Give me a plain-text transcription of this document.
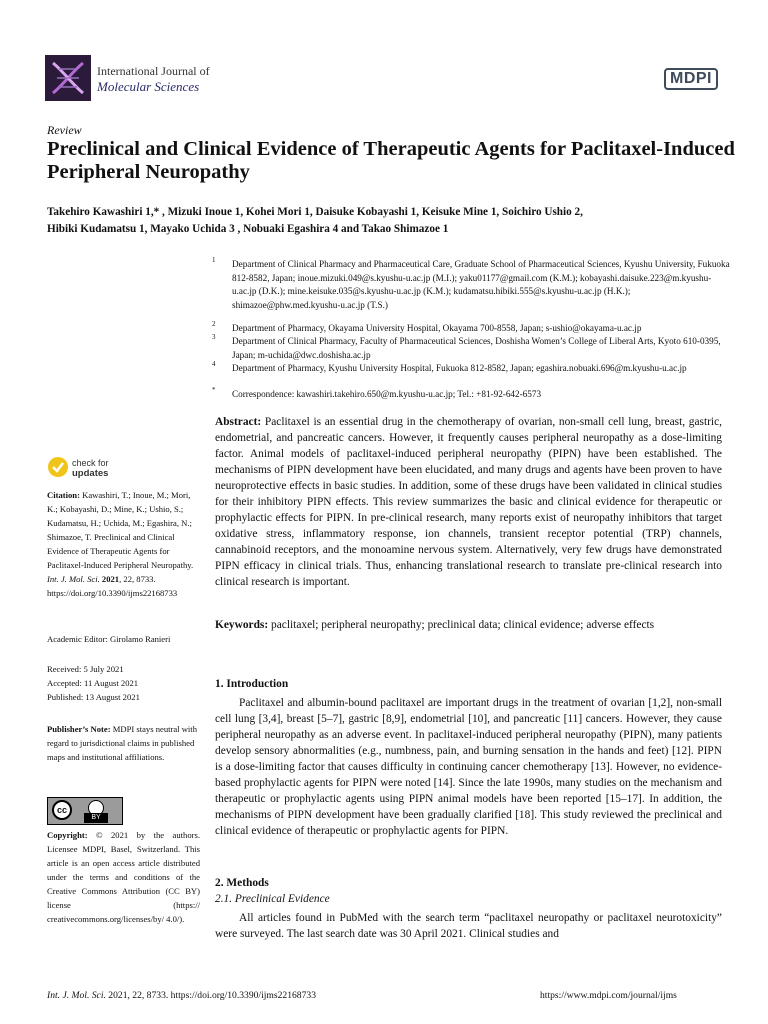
International Journal of
Molecular Sciences	MDPI
Review
Preclinical and Clinical Evidence of Therapeutic Agents for Paclitaxel-Induced Peripheral Neuropathy
Takehiro Kawashiri 1,* , Mizuki Inoue 1, Kohei Mori 1, Daisuke Kobayashi 1, Keisuke Mine 1, Soichiro Ushio 2,
Hibiki Kudamatsu 1, Mayako Uchida 3 , Nobuaki Egashira 4 and Takao Shimazoe 1
1 Department of Clinical Pharmacy and Pharmaceutical Care, Graduate School of Pharmaceutical Sciences, Kyushu University, Fukuoka 812-8582, Japan; inoue.mizuki.049@s.kyushu-u.ac.jp (M.I.); yaku01177@gmail.com (K.M.); kobayashi.daisuke.223@m.kyushu-u.ac.jp (D.K.); mine.keisuke.035@s.kyushu-u.ac.jp (K.M.); kudamatsu.hibiki.555@s.kyushu-u.ac.jp (H.K.); shimazoe@phw.med.kyushu-u.ac.jp (T.S.)
2 Department of Pharmacy, Okayama University Hospital, Okayama 700-8558, Japan; s-ushio@okayama-u.ac.jp
3 Department of Clinical Pharmacy, Faculty of Pharmaceutical Sciences, Doshisha Women’s College of Liberal Arts, Kyoto 610-0395, Japan; m-uchida@dwc.doshisha.ac.jp
4 Department of Pharmacy, Kyushu University Hospital, Fukuoka 812-8582, Japan; egashira.nobuaki.696@m.kyushu-u.ac.jp
* Correspondence: kawashiri.takehiro.650@m.kyushu-u.ac.jp; Tel.: +81-92-642-6573
Abstract: Paclitaxel is an essential drug in the chemotherapy of ovarian, non-small cell lung, breast, gastric, endometrial, and pancreatic cancers. However, it frequently causes peripheral neuropathy as a dose-limiting factor. Animal models of paclitaxel-induced peripheral neuropathy (PIPN) have been established. The mechanisms of PIPN development have been elucidated, and many drugs and agents have been proven to have neuroprotective effects in basic studies. In addition, some of these drugs have been validated in clinical studies for their inhibitory PIPN effects. This review summarizes the basic and clinical evidence for therapeutic or prophylactic effects for PIPN. In pre-clinical research, many reports exist of neuropathy inhibitors that target oxidative stress, inflammatory response, ion channels, transient receptor potential (TRP) channels, cannabinoid receptors, and the monoamine nervous system. Alternatively, very few drugs have demonstrated PIPN efficacy in clinical trials. Thus, enhancing translational research to translate pre-clinical research into clinical research is important.
Keywords: paclitaxel; peripheral neuropathy; preclinical data; clinical evidence; adverse effects
check for
updates
Citation: Kawashiri, T.; Inoue, M.; Mori, K.; Kobayashi, D.; Mine, K.; Ushio, S.; Kudamatsu, H.; Uchida, M.; Egashira, N.; Shimazoe, T. Preclinical and Clinical Evidence of Therapeutic Agents for Paclitaxel-Induced Peripheral Neuropathy. Int. J. Mol. Sci. 2021, 22, 8733. https://doi.org/10.3390/ijms22168733
Academic Editor: Girolamo Ranieri
Received: 5 July 2021
Accepted: 11 August 2021
Published: 13 August 2021
Publisher’s Note: MDPI stays neutral with regard to jurisdictional claims in published maps and institutional affiliations.
cc
BY
Copyright: © 2021 by the authors. Licensee MDPI, Basel, Switzerland. This article is an open access article distributed under the terms and conditions of the Creative Commons Attribution (CC BY) license (https:// creativecommons.org/licenses/by/ 4.0/).
1. Introduction
Paclitaxel and albumin-bound paclitaxel are important drugs in the treatment of ovarian [1,2], non-small cell lung [3,4], breast [5–7], gastric [8,9], endometrial [10], and pancreatic [11] cancers. However, they cause peripheral neuropathy as an adverse event. In paclitaxel-induced peripheral neuropathy (PIPN), many patients develop sensory abnormalities (e.g., numbness, pain, and burning sensation in the hands and feet) [12]. PIPN is a dose-limiting factor that causes difficulty in continuing cancer chemotherapy [13]. However, no evidence-based prophylactic agents for PIPN were noted [14]. Since the late 1990s, many studies on the mechanism and therapeutic or prophylactic agents using PIPN animal models have been reported [15–17]. In addition, the mechanisms of PIPN development have been gradually clarified [18]. This study reviewed the preclinical and clinical evidence of therapeutic or prophylactic agents for PIPN.
2. Methods
2.1. Preclinical Evidence
All articles found in PubMed with the search term “paclitaxel neuropathy or paclitaxel neurotoxicity” were surveyed. The last search date was 30 April 2021. Clinical studies and
Int. J. Mol. Sci. 2021, 22, 8733. https://doi.org/10.3390/ijms22168733	https://www.mdpi.com/journal/ijms
